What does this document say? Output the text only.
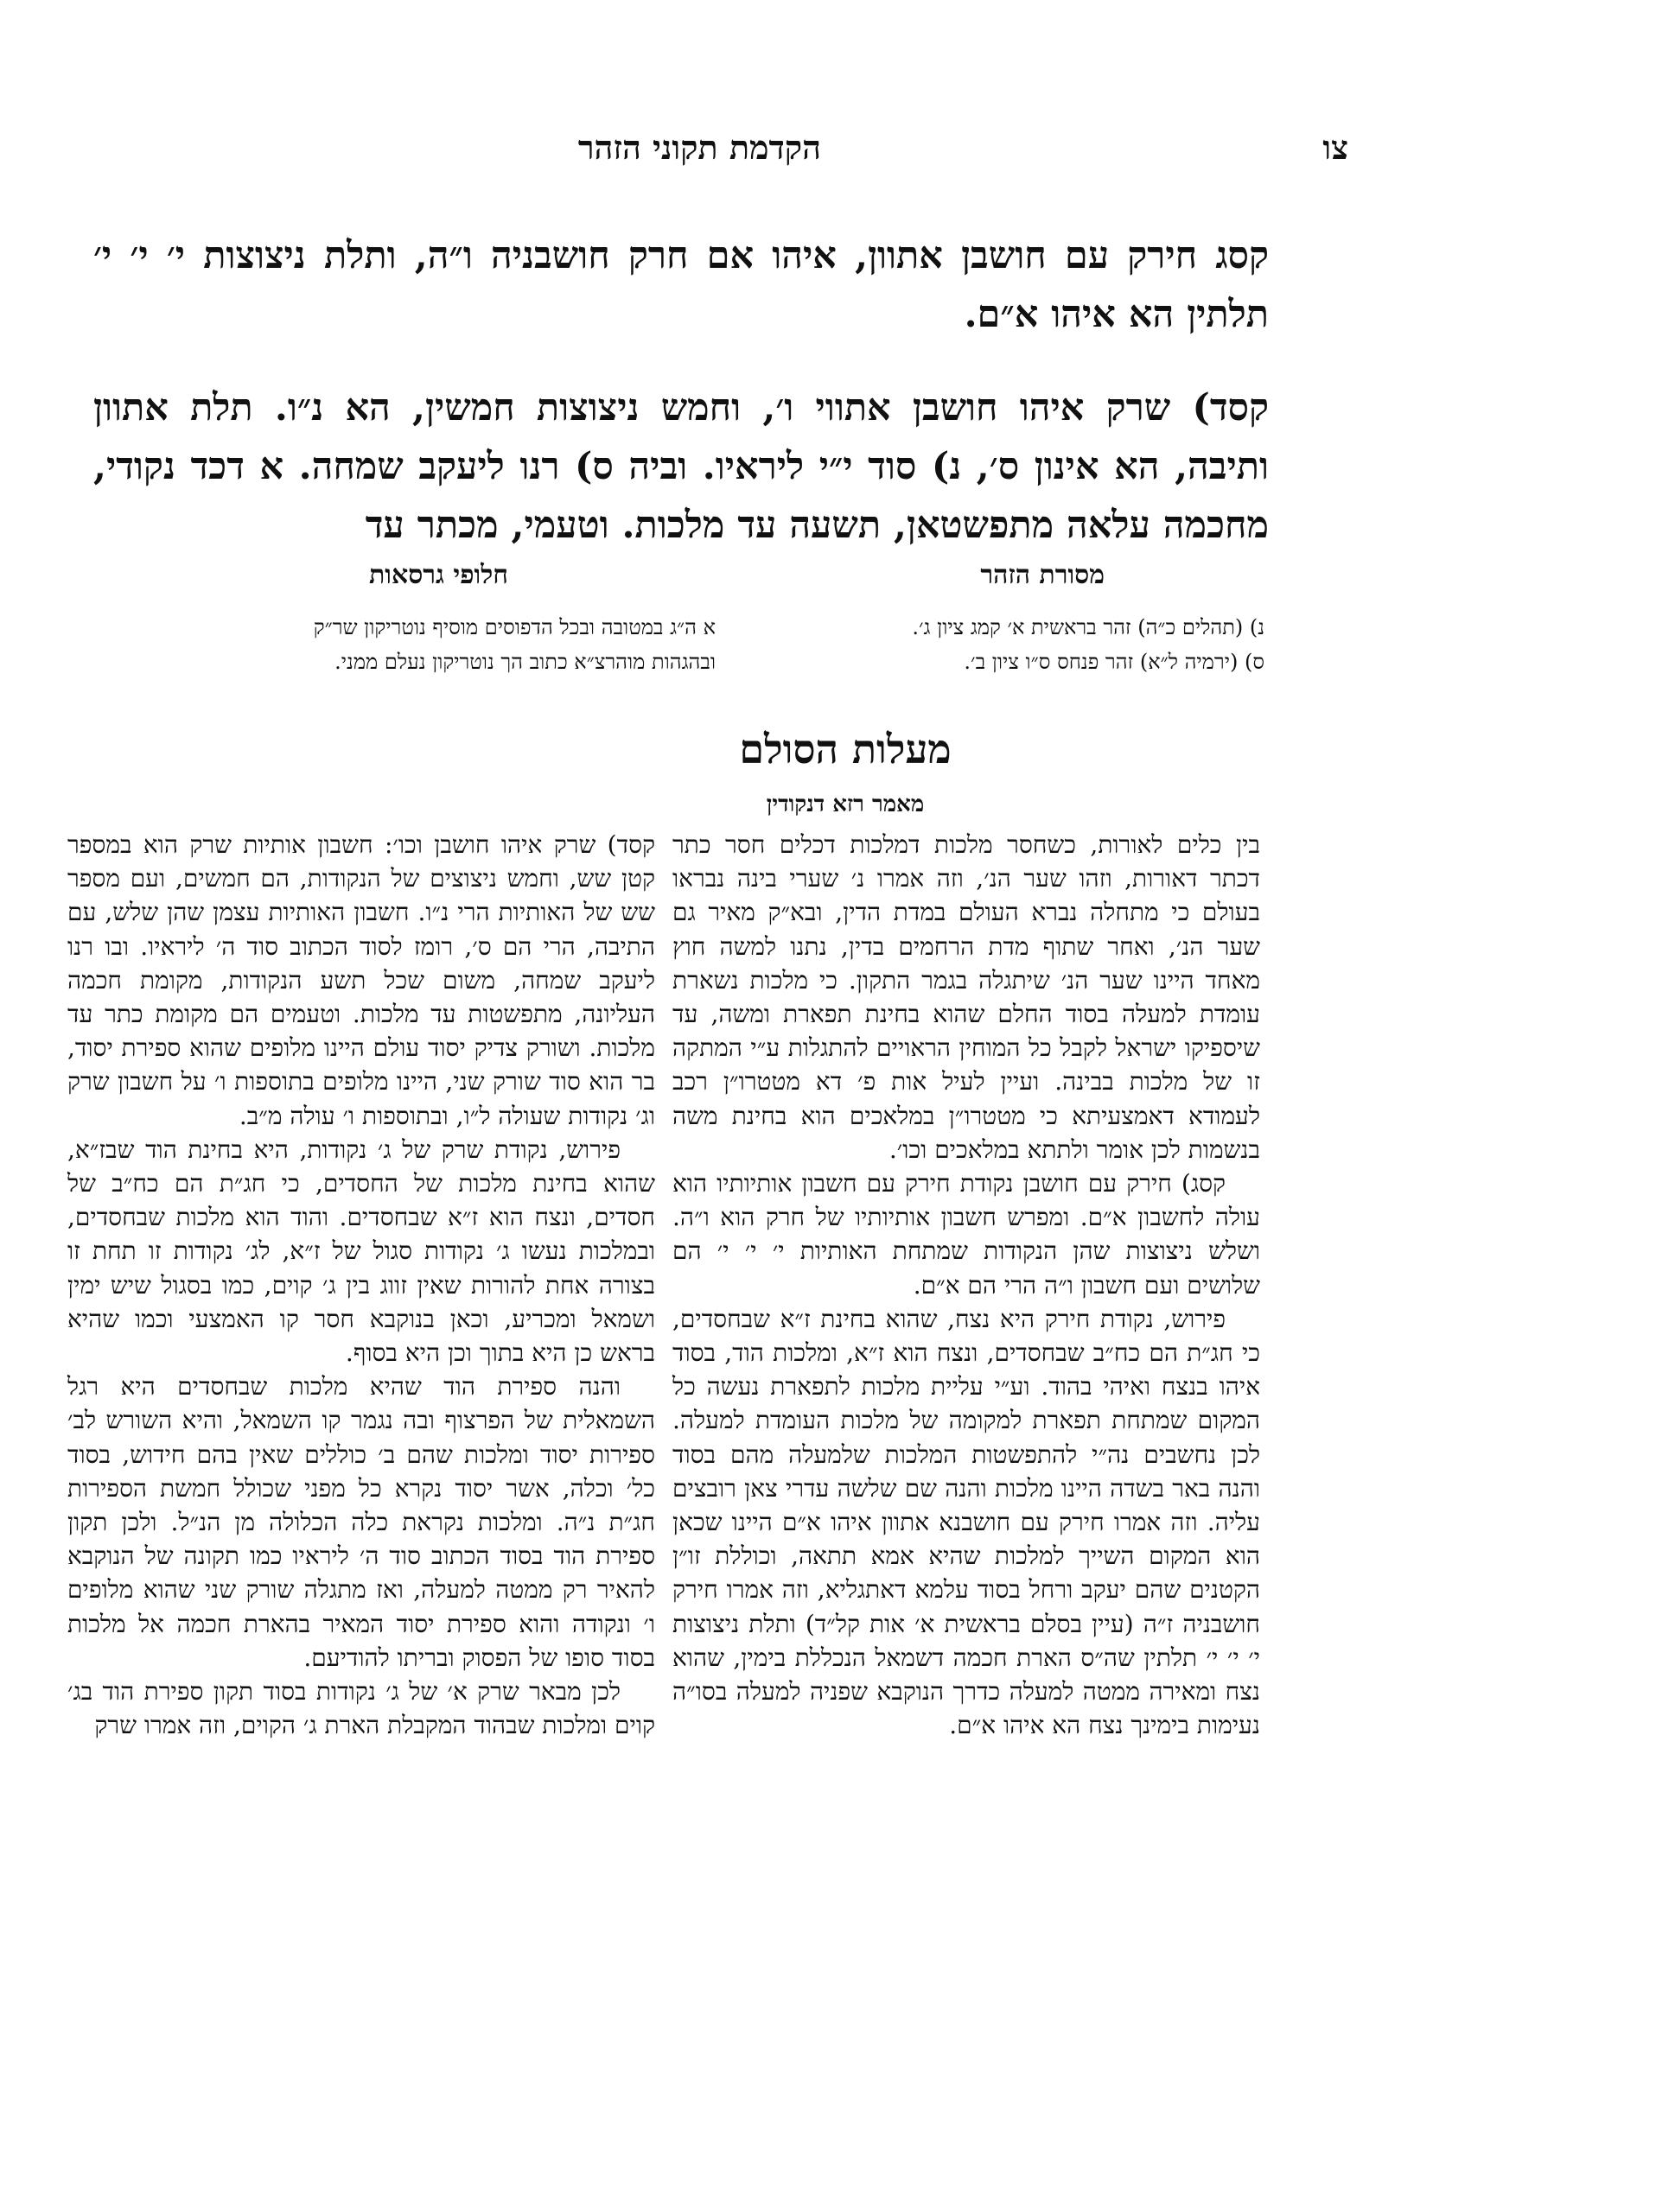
צו
הקדמת תקוני הזהר

קסג חירק עם חושבן אתוון, איהו אם חרק חושבניה ו״ה, ותלת ניצוצות י׳ י׳ י׳ תלתין הא איהו א״ם.

קסד) שרק איהו חושבן אתווי ו׳, וחמש ניצוצות חמשין, הא נ״ו. תלת אתוון ותיבה, הא אינון ס׳, נ) סוד י״י ליראיו. וביה ס) רנו ליעקב שמחה. א דכד נקודי, מחכמה עלאה מתפשטאן, תשעה עד מלכות. וטעמי, מכתר עד

מסורת הזהר
חלופי גרסאות
נ) (תהלים כ״ה) זהר בראשית א׳ קמג ציון ג׳.
ס) (ירמיה ל״א) זהר פנחס ס״ו ציון ב׳.
א ה״ג במטובה ובכל הדפוסים מוסיף נוטריקון שר״ק
ובהגהות מוהרצ״א כתוב הך נוטריקון נעלם ממני.
מעלות הסולם
מאמר רזא דנקודין

בין כלים לאורות, כשחסר מלכות דמלכות דכלים חסר כתר דכתר דאורות, וזהו שער הנ׳, וזה אמרו נ׳ שערי בינה נבראו בעולם כי מתחלה נברא העולם במדת הדין, ובא״ק מאיר גם שער הנ׳, ואחר שתוף מדת הרחמים בדין, נתנו למשה חוץ מאחד היינו שער הנ׳ שיתגלה בגמר התקון. כי מלכות נשארת עומדת למעלה בסוד החלם שהוא בחינת תפארת ומשה, עד שיספיקו ישראל לקבל כל המוחין הראויים להתגלות ע״י המתקה זו של מלכות בבינה. ועיין לעיל אות פ׳ דא מטטרו״ן רכב לעמודא דאמצעיתא כי מטטרו״ן במלאכים הוא בחינת משה בנשמות לכן אומר ולתתא במלאכים וכו׳.

קסג) חירק עם חושבן נקודת חירק עם חשבון אותיותיו הוא עולה לחשבון א״ם. ומפרש חשבון אותיותיו של חרק הוא ו״ה. ושלש ניצוצות שהן הנקודות שמתחת האותיות י׳ י׳ י׳ הם שלושים ועם חשבון ו״ה הרי הם א״ם.

פירוש, נקודת חירק היא נצח, שהוא בחינת ז״א שבחסדים, כי חג״ת הם כח״ב שבחסדים, ונצח הוא ז״א, ומלכות הוד, בסוד איהו בנצח ואיהי בהוד. וע״י עליית מלכות לתפארת נעשה כל המקום שמתחת תפארת למקומה של מלכות העומדת למעלה. לכן נחשבים נה״י להתפשטות המלכות שלמעלה מהם בסוד והנה באר בשדה היינו מלכות והנה שם שלשה עדרי צאן רובצים עליה. וזה אמרו חירק עם חושבנא אתוון איהו א״ם היינו שכאן הוא המקום השייך למלכות שהיא אמא תתאה, וכוללת זו״ן הקטנים שהם יעקב ורחל בסוד עלמא דאתגליא, וזה אמרו חירק חושבניה ז״ה (עיין בסלם בראשית א׳ אות קל״ד) ותלת ניצוצות י׳ י׳ י׳ תלתין שה״ס הארת חכמה דשמאל הנכללת בימין, שהוא נצח ומאירה ממטה למעלה כדרך הנוקבא שפניה למעלה בסו״ה נעימות בימינך נצח הא איהו א״ם.

קסד) שרק איהו חושבן וכו׳: חשבון אותיות שרק הוא במספר קטן שש, וחמש ניצוצים של הנקודות, הם חמשים, ועם מספר שש של האותיות הרי נ״ו. חשבון האותיות עצמן שהן שלש, עם התיבה, הרי הם ס׳, רומז לסוד הכתוב סוד ה׳ ליראיו. ובו רנו ליעקב שמחה, משום שכל תשע הנקודות, מקומת חכמה העליונה, מתפשטות עד מלכות. וטעמים הם מקומת כתר עד מלכות. ושורק צדיק יסוד עולם היינו מלופים שהוא ספירת יסוד, בר הוא סוד שורק שני, היינו מלופים בתוספות ו׳ על חשבון שרק וג׳ נקודות שעולה ל״ו, ובתוספות ו׳ עולה מ״ב.

פירוש, נקודת שרק של ג׳ נקודות, היא בחינת הוד שבז״א, שהוא בחינת מלכות של החסדים, כי חג״ת הם כח״ב של חסדים, ונצח הוא ז״א שבחסדים. והוד הוא מלכות שבחסדים, ובמלכות נעשו ג׳ נקודות סגול של ז״א, לג׳ נקודות זו תחת זו בצורה אחת להורות שאין זווג בין ג׳ קוים, כמו בסגול שיש ימין ושמאל ומכריע, וכאן בנוקבא חסר קו האמצעי וכמו שהיא בראש כן היא בתוך וכן היא בסוף.

והנה ספירת הוד שהיא מלכות שבחסדים היא רגל השמאלית של הפרצוף ובה נגמר קו השמאל, והיא השורש לב׳ ספירות יסוד ומלכות שהם ב׳ כוללים שאין בהם חידוש, בסוד כל׳ וכלה, אשר יסוד נקרא כל מפני שכולל חמשת הספירות חג״ת נ״ה. ומלכות נקראת כלה הכלולה מן הנ״ל. ולכן תקון ספירת הוד בסוד הכתוב סוד ה׳ ליראיו כמו תקונה של הנוקבא להאיר רק ממטה למעלה, ואז מתגלה שורק שני שהוא מלופים ו׳ ונקודה והוא ספירת יסוד המאיר בהארת חכמה אל מלכות בסוד סופו של הפסוק ובריתו להודיעם.

לכן מבאר שרק א׳ של ג׳ נקודות בסוד תקון ספירת הוד בג׳ קוים ומלכות שבהוד המקבלת הארת ג׳ הקוים, וזה אמרו שרק
